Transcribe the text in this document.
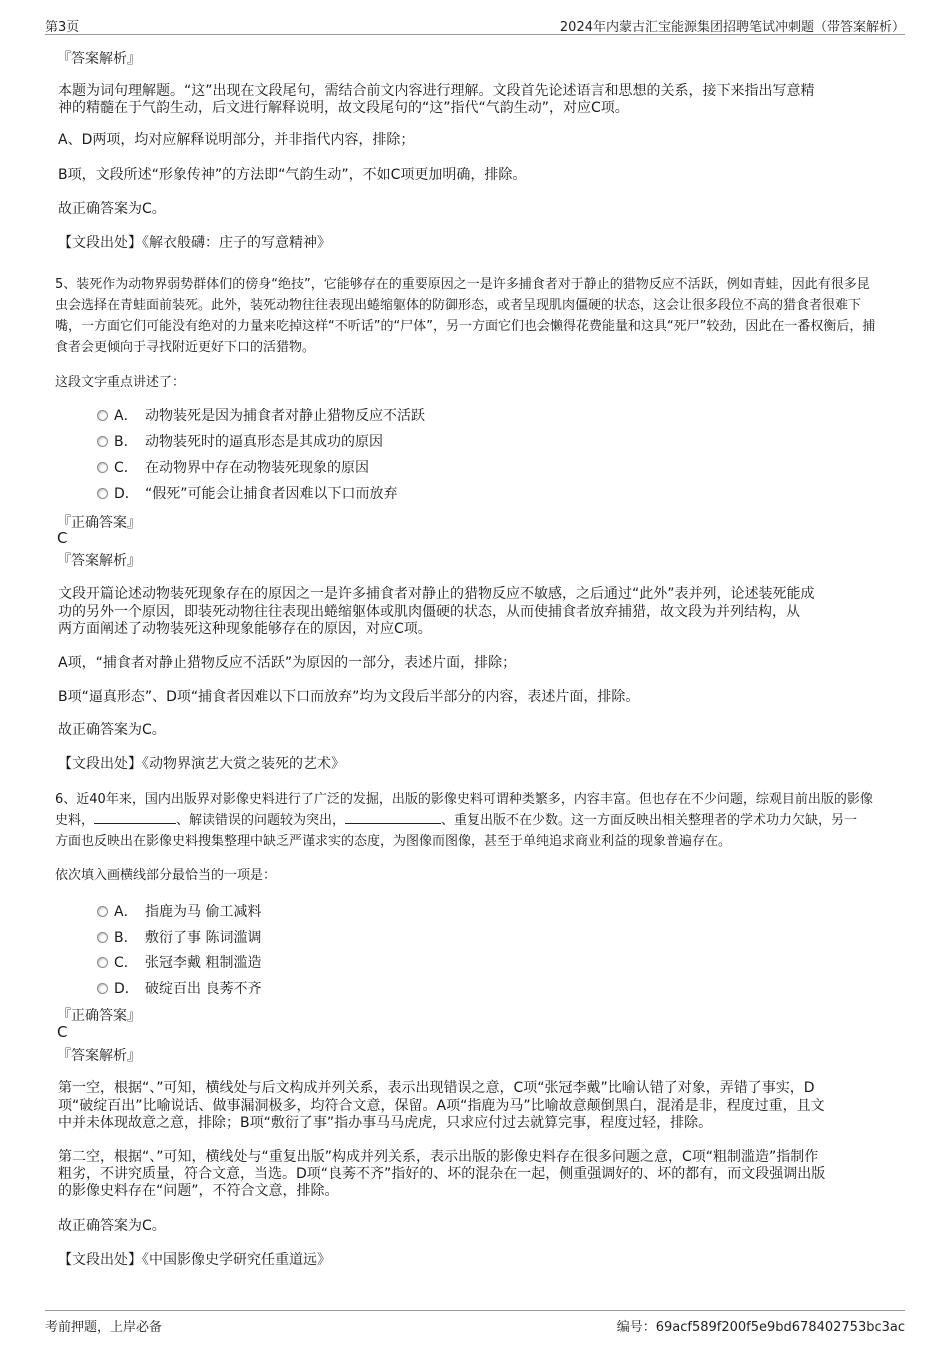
第3页	2024年内蒙古汇宝能源集团招聘笔试冲刺题（带答案解析）
『答案解析』
本题为词句理解题。“这”出现在文段尾句，需结合前文内容进行理解。文段首先论述语言和思想的关系，接下来指出写意精
神的精髓在于气韵生动，后文进行解释说明，故文段尾句的“这”指代“气韵生动”，对应C项。
A、D两项，均对应解释说明部分，并非指代内容，排除；
B项，文段所述“形象传神”的方法即“气韵生动”，不如C项更加明确，排除。
故正确答案为C。
【文段出处】《解衣般礴：庄子的写意精神》
5、装死作为动物界弱势群体们的傍身“绝技”，它能够存在的重要原因之一是许多捕食者对于静止的猎物反应不活跃，例如青蛙，因此有很多昆
虫会选择在青蛙面前装死。此外，装死动物往往表现出蜷缩躯体的防御形态，或者呈现肌肉僵硬的状态，这会让很多段位不高的猎食者很难下
嘴，一方面它们可能没有绝对的力量来吃掉这样“不听话”的“尸体”，另一方面它们也会懒得花费能量和这具“死尸”较劲，因此在一番权衡后，捕
食者会更倾向于寻找附近更好下口的活猎物。
这段文字重点讲述了：
A． 动物装死是因为捕食者对静止猎物反应不活跃
B． 动物装死时的逼真形态是其成功的原因
C． 在动物界中存在动物装死现象的原因
D． “假死”可能会让捕食者因难以下口而放弃
『正确答案』
C
『答案解析』
文段开篇论述动物装死现象存在的原因之一是许多捕食者对静止的猎物反应不敏感，之后通过“此外”表并列，论述装死能成
功的另外一个原因，即装死动物往往表现出蜷缩躯体或肌肉僵硬的状态，从而使捕食者放弃捕猎，故文段为并列结构，从
两方面阐述了动物装死这种现象能够存在的原因，对应C项。
A项，“捕食者对静止猎物反应不活跃”为原因的一部分，表述片面，排除；
B项“逼真形态”、D项“捕食者因难以下口而放弃”均为文段后半部分的内容，表述片面，排除。
故正确答案为C。
【文段出处】《动物界演艺大赏之装死的艺术》
6、近40年来，国内出版界对影像史料进行了广泛的发掘，出版的影像史料可谓种类繁多，内容丰富。但也存在不少问题，综观目前出版的影像
史料，	、解读错误的问题较为突出，	、重复出版不在少数。这一方面反映出相关整理者的学术功力欠缺，另一
方面也反映出在影像史料搜集整理中缺乏严谨求实的态度，为图像而图像，甚至于单纯追求商业利益的现象普遍存在。
依次填入画横线部分最恰当的一项是：
A． 指鹿为马 偷工减料
B． 敷衍了事 陈词滥调
C． 张冠李戴 粗制滥造
D． 破绽百出 良莠不齐
『正确答案』
C
『答案解析』
第一空，根据“、”可知，横线处与后文构成并列关系，表示出现错误之意，C项“张冠李戴”比喻认错了对象，弄错了事实，D
项“破绽百出”比喻说话、做事漏洞极多，均符合文意，保留。A项“指鹿为马”比喻故意颠倒黑白，混淆是非，程度过重，且文
中并未体现故意之意，排除；B项“敷衍了事”指办事马马虎虎，只求应付过去就算完事，程度过轻，排除。
第二空，根据“、”可知，横线处与“重复出版”构成并列关系，表示出版的影像史料存在很多问题之意，C项“粗制滥造”指制作
粗劣，不讲究质量，符合文意，当选。D项“良莠不齐”指好的、坏的混杂在一起，侧重强调好的、坏的都有，而文段强调出版
的影像史料存在“问题”，不符合文意，排除。
故正确答案为C。
【文段出处】《中国影像史学研究任重道远》
考前押题，上岸必备	编号：69acf589f200f5e9bd678402753bc3ac
